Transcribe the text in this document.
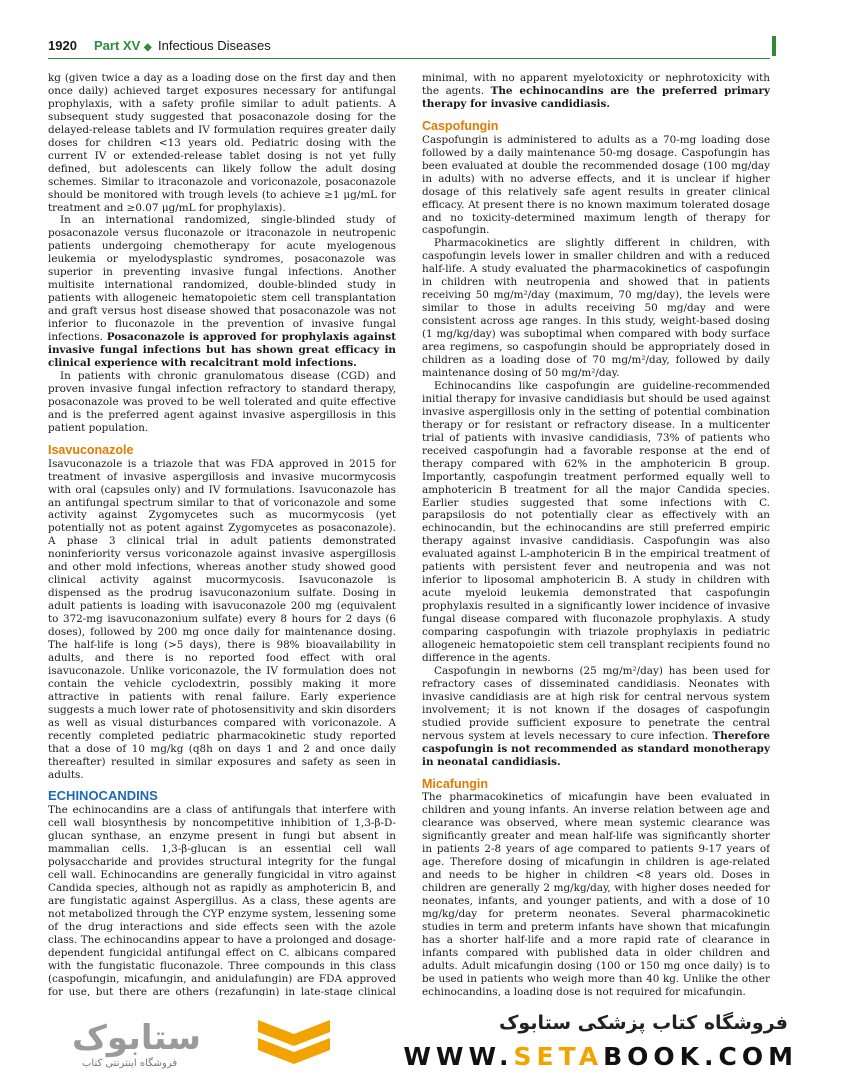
1920 Part XV ◆ Infectious Diseases

kg (given twice a day as a loading dose on the first day and then once daily) achieved target exposures necessary for antifungal prophylaxis, with a safety profile similar to adult patients. A subsequent study suggested that posaconazole dosing for the delayed-release tablets and IV formulation requires greater daily doses for children <13 years old. Pediatric dosing with the current IV or extended-release tablet dosing is not yet fully defined, but adolescents can likely follow the adult dosing schemes. Similar to itraconazole and voriconazole, posaconazole should be monitored with trough levels (to achieve ≥1 μg/mL for treatment and ≥0.07 μg/mL for prophylaxis).

In an international randomized, single-blinded study of posaconazole versus fluconazole or itraconazole in neutropenic patients undergoing chemotherapy for acute myelogenous leukemia or myelodysplastic syndromes, posaconazole was superior in preventing invasive fungal infections. Another multisite international randomized, double-blinded study in patients with allogeneic hematopoietic stem cell transplantation and graft versus host disease showed that posaconazole was not inferior to fluconazole in the prevention of invasive fungal infections. Posaconazole is approved for prophylaxis against invasive fungal infections but has shown great efficacy in clinical experience with recalcitrant mold infections.

In patients with chronic granulomatous disease (CGD) and proven invasive fungal infection refractory to standard therapy, posaconazole was proved to be well tolerated and quite effective and is the preferred agent against invasive aspergillosis in this patient population.

Isavuconazole

Isavuconazole is a triazole that was FDA approved in 2015 for treatment of invasive aspergillosis and invasive mucormycosis with oral (capsules only) and IV formulations. Isavuconazole has an antifungal spectrum similar to that of voriconazole and some activity against Zygomycetes such as mucormycosis (yet potentially not as potent against Zygomycetes as posaconazole). A phase 3 clinical trial in adult patients demonstrated noninferiority versus voriconazole against invasive aspergillosis and other mold infections, whereas another study showed good clinical activity against mucormycosis. Isavuconazole is dispensed as the prodrug isavuconazonium sulfate. Dosing in adult patients is loading with isavuconazole 200 mg (equivalent to 372-mg isavuconazonium sulfate) every 8 hours for 2 days (6 doses), followed by 200 mg once daily for maintenance dosing. The half-life is long (>5 days), there is 98% bioavailability in adults, and there is no reported food effect with oral isavuconazole. Unlike voriconazole, the IV formulation does not contain the vehicle cyclodextrin, possibly making it more attractive in patients with renal failure. Early experience suggests a much lower rate of photosensitivity and skin disorders as well as visual disturbances compared with voriconazole. A recently completed pediatric pharmacokinetic study reported that a dose of 10 mg/kg (q8h on days 1 and 2 and once daily thereafter) resulted in similar exposures and safety as seen in adults.

ECHINOCANDINS

The echinocandins are a class of antifungals that interfere with cell wall biosynthesis by noncompetitive inhibition of 1,3-β-D-glucan synthase, an enzyme present in fungi but absent in mammalian cells. 1,3-β-glucan is an essential cell wall polysaccharide and provides structural integrity for the fungal cell wall. Echinocandins are generally fungicidal in vitro against Candida species, although not as rapidly as amphotericin B, and are fungistatic against Aspergillus. As a class, these agents are not metabolized through the CYP enzyme system, lessening some of the drug interactions and side effects seen with the azole class. The echinocandins appear to have a prolonged and dosage-dependent fungicidal antifungal effect on C. albicans compared with the fungistatic fluconazole. Three compounds in this class (caspofungin, micafungin, and anidulafungin) are FDA approved for use, but there are others (rezafungin) in late-stage clinical

minimal, with no apparent myelotoxicity or nephrotoxicity with the agents. The echinocandins are the preferred primary therapy for invasive candidiasis.

Caspofungin

Caspofungin is administered to adults as a 70-mg loading dose followed by a daily maintenance 50-mg dosage. Caspofungin has been evaluated at double the recommended dosage (100 mg/day in adults) with no adverse effects, and it is unclear if higher dosage of this relatively safe agent results in greater clinical efficacy. At present there is no known maximum tolerated dosage and no toxicity-determined maximum length of therapy for caspofungin.

Pharmacokinetics are slightly different in children, with caspofungin levels lower in smaller children and with a reduced half-life. A study evaluated the pharmacokinetics of caspofungin in children with neutropenia and showed that in patients receiving 50 mg/m²/day (maximum, 70 mg/day), the levels were similar to those in adults receiving 50 mg/day and were consistent across age ranges. In this study, weight-based dosing (1 mg/kg/day) was suboptimal when compared with body surface area regimens, so caspofungin should be appropriately dosed in children as a loading dose of 70 mg/m²/day, followed by daily maintenance dosing of 50 mg/m²/day.

Echinocandins like caspofungin are guideline-recommended initial therapy for invasive candidiasis but should be used against invasive aspergillosis only in the setting of potential combination therapy or for resistant or refractory disease. In a multicenter trial of patients with invasive candidiasis, 73% of patients who received caspofungin had a favorable response at the end of therapy compared with 62% in the amphotericin B group. Importantly, caspofungin treatment performed equally well to amphotericin B treatment for all the major Candida species. Earlier studies suggested that some infections with C. parapsilosis do not potentially clear as effectively with an echinocandin, but the echinocandins are still preferred empiric therapy against invasive candidiasis. Caspofungin was also evaluated against L-amphotericin B in the empirical treatment of patients with persistent fever and neutropenia and was not inferior to liposomal amphotericin B. A study in children with acute myeloid leukemia demonstrated that caspofungin prophylaxis resulted in a significantly lower incidence of invasive fungal disease compared with fluconazole prophylaxis. A study comparing caspofungin with triazole prophylaxis in pediatric allogeneic hematopoietic stem cell transplant recipients found no difference in the agents.

Caspofungin in newborns (25 mg/m²/day) has been used for refractory cases of disseminated candidiasis. Neonates with invasive candidiasis are at high risk for central nervous system involvement; it is not known if the dosages of caspofungin studied provide sufficient exposure to penetrate the central nervous system at levels necessary to cure infection. Therefore caspofungin is not recommended as standard monotherapy in neonatal candidiasis.

Micafungin

The pharmacokinetics of micafungin have been evaluated in children and young infants. An inverse relation between age and clearance was observed, where mean systemic clearance was significantly greater and mean half-life was significantly shorter in patients 2-8 years of age compared to patients 9-17 years of age. Therefore dosing of micafungin in children is age-related and needs to be higher in children <8 years old. Doses in children are generally 2 mg/kg/day, with higher doses needed for neonates, infants, and younger patients, and with a dose of 10 mg/kg/day for preterm neonates. Several pharmacokinetic studies in term and preterm infants have shown that micafungin has a shorter half-life and a more rapid rate of clearance in infants compared with published data in older children and adults. Adult micafungin dosing (100 or 150 mg once daily) is to be used in patients who weigh more than 40 kg. Unlike the other echinocandins, a loading dose is not required for micafungin.

ستابوک
فروشگاه اینترنتی کتاب
فروشگاه کتاب پزشکی ستابوک
WWW.SETABOOK.COM
